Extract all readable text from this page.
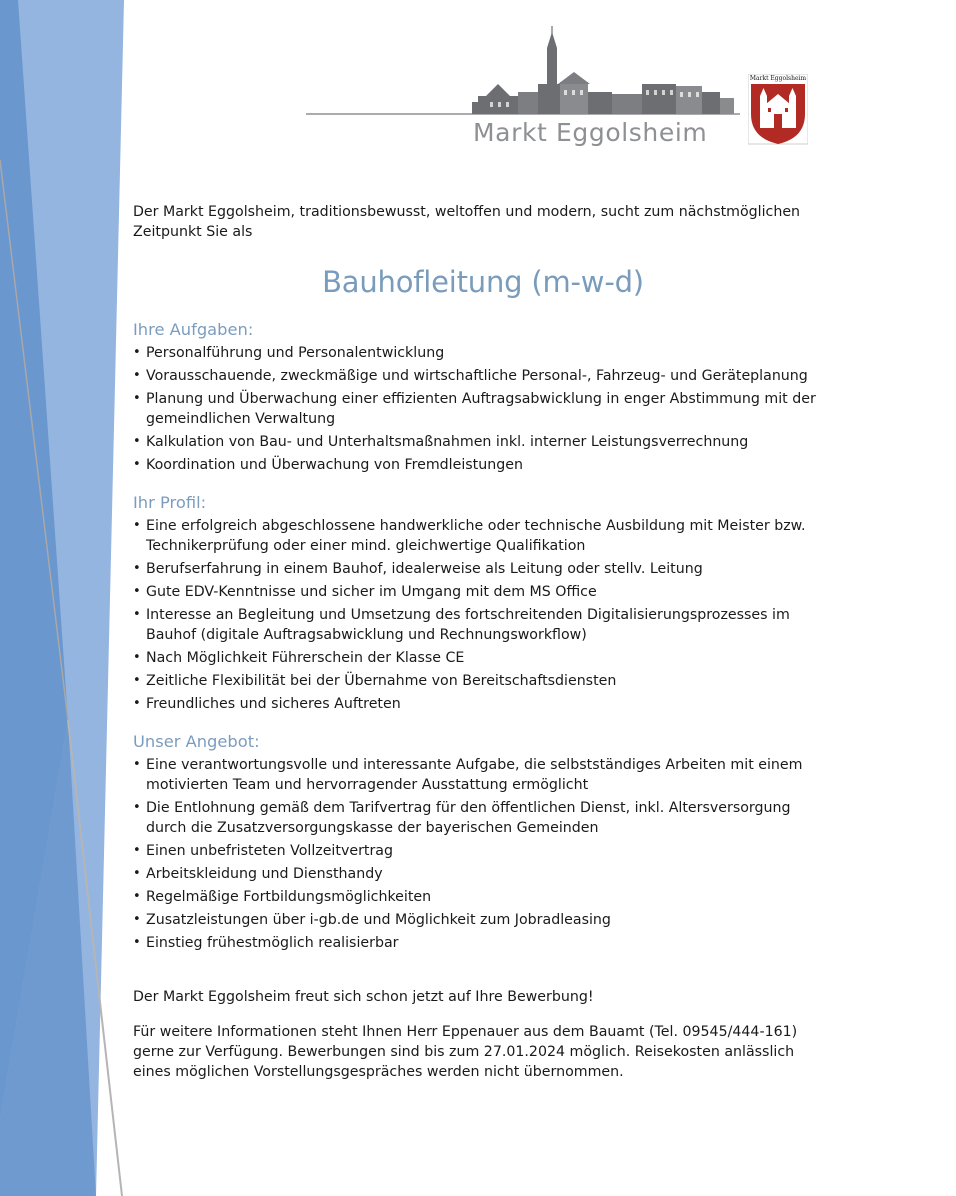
Markt Eggolsheim
Markt Eggolsheim

Der Markt Eggolsheim, traditionsbewusst, weltoffen und modern, sucht zum nächstmöglichen Zeitpunkt Sie als

Bauhofleitung (m-w-d)
Ihre Aufgaben:
• Personalführung und Personalentwicklung
• Vorausschauende, zweckmäßige und wirtschaftliche Personal-, Fahrzeug- und Geräteplanung
• Planung und Überwachung einer effizienten Auftragsabwicklung in enger Abstimmung mit der gemeindlichen Verwaltung
• Kalkulation von Bau- und Unterhaltsmaßnahmen inkl. interner Leistungsverrechnung
• Koordination und Überwachung von Fremdleistungen
Ihr Profil:
• Eine erfolgreich abgeschlossene handwerkliche oder technische Ausbildung mit Meister bzw. Technikerprüfung oder einer mind. gleichwertige Qualifikation
• Berufserfahrung in einem Bauhof, idealerweise als Leitung oder stellv. Leitung
• Gute EDV-Kenntnisse und sicher im Umgang mit dem MS Office
• Interesse an Begleitung und Umsetzung des fortschreitenden Digitalisierungsprozesses im Bauhof (digitale Auftragsabwicklung und Rechnungsworkflow)
• Nach Möglichkeit Führerschein der Klasse CE
• Zeitliche Flexibilität bei der Übernahme von Bereitschaftsdiensten
• Freundliches und sicheres Auftreten
Unser Angebot:
• Eine verantwortungsvolle und interessante Aufgabe, die selbstständiges Arbeiten mit einem motivierten Team und hervorragender Ausstattung ermöglicht
• Die Entlohnung gemäß dem Tarifvertrag für den öffentlichen Dienst, inkl. Altersversorgung durch die Zusatzversorgungskasse der bayerischen Gemeinden
• Einen unbefristeten Vollzeitvertrag
• Arbeitskleidung und Diensthandy
• Regelmäßige Fortbildungsmöglichkeiten
• Zusatzleistungen über i-gb.de und Möglichkeit zum Jobradleasing
• Einstieg frühestmöglich realisierbar

Der Markt Eggolsheim freut sich schon jetzt auf Ihre Bewerbung!

Für weitere Informationen steht Ihnen Herr Eppenauer aus dem Bauamt (Tel. 09545/444-161) gerne zur Verfügung. Bewerbungen sind bis zum 27.01.2024 möglich. Reisekosten anlässlich eines möglichen Vorstellungsgespräches werden nicht übernommen.
